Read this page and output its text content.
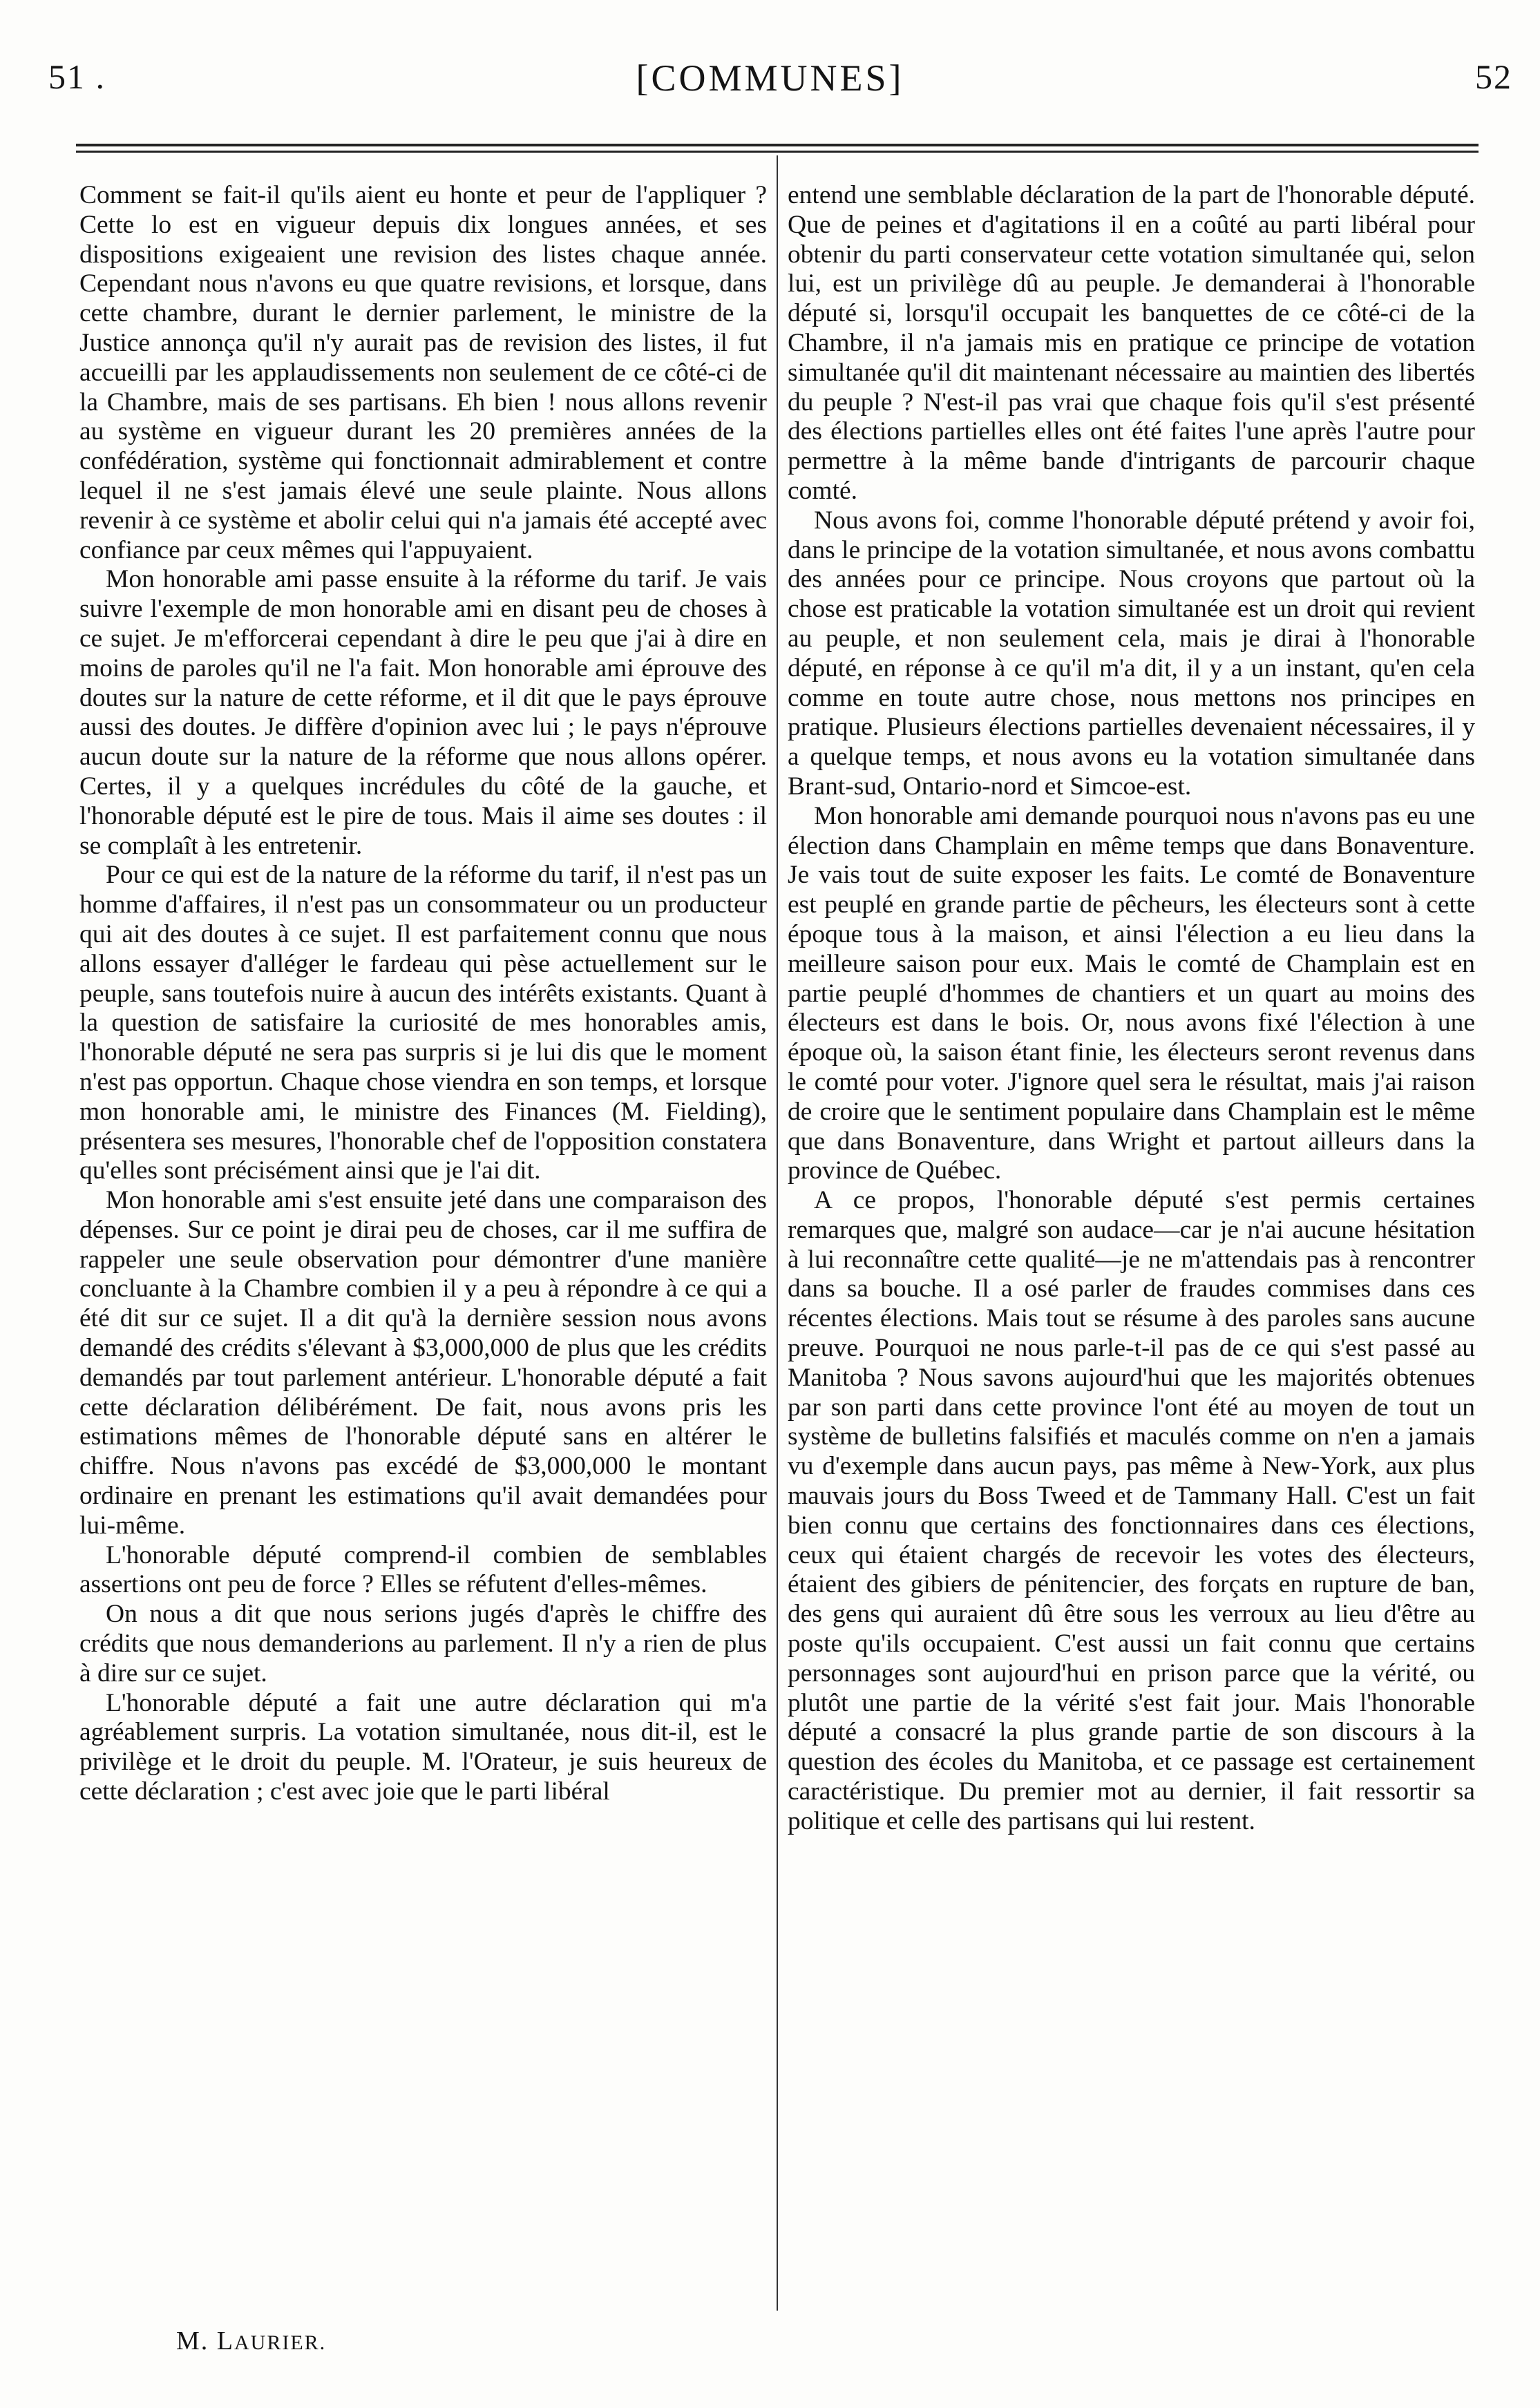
51 .	[COMMUNES]	52

Comment se fait-il qu'ils aient eu honte et peur de l'appliquer ? Cette lo est en vigueur depuis dix longues années, et ses dispositions exigeaient une revision des listes chaque année. Cependant nous n'avons eu que quatre revisions, et lorsque, dans cette chambre, durant le dernier parlement, le ministre de la Justice annonça qu'il n'y aurait pas de revision des listes, il fut accueilli par les applaudissements non seulement de ce côté-ci de la Chambre, mais de ses partisans. Eh bien ! nous allons revenir au système en vigueur durant les 20 premières années de la confédération, système qui fonctionnait admirablement et contre lequel il ne s'est jamais élevé une seule plainte. Nous allons revenir à ce système et abolir celui qui n'a jamais été accepté avec confiance par ceux mêmes qui l'appuyaient.

Mon honorable ami passe ensuite à la réforme du tarif. Je vais suivre l'exemple de mon honorable ami en disant peu de choses à ce sujet. Je m'efforcerai cependant à dire le peu que j'ai à dire en moins de paroles qu'il ne l'a fait. Mon honorable ami éprouve des doutes sur la nature de cette réforme, et il dit que le pays éprouve aussi des doutes. Je diffère d'opinion avec lui ; le pays n'éprouve aucun doute sur la nature de la réforme que nous allons opérer. Certes, il y a quelques incrédules du côté de la gauche, et l'honorable député est le pire de tous. Mais il aime ses doutes : il se complaît à les entretenir.

Pour ce qui est de la nature de la réforme du tarif, il n'est pas un homme d'affaires, il n'est pas un consommateur ou un producteur qui ait des doutes à ce sujet. Il est parfaitement connu que nous allons essayer d'alléger le fardeau qui pèse actuellement sur le peuple, sans toutefois nuire à aucun des intérêts existants. Quant à la question de satisfaire la curiosité de mes honorables amis, l'honorable député ne sera pas surpris si je lui dis que le moment n'est pas opportun. Chaque chose viendra en son temps, et lorsque mon honorable ami, le ministre des Finances (M. Fielding), présentera ses mesures, l'honorable chef de l'opposition constatera qu'elles sont précisément ainsi que je l'ai dit.

Mon honorable ami s'est ensuite jeté dans une comparaison des dépenses. Sur ce point je dirai peu de choses, car il me suffira de rappeler une seule observation pour démontrer d'une manière concluante à la Chambre combien il y a peu à répondre à ce qui a été dit sur ce sujet. Il a dit qu'à la dernière session nous avons demandé des crédits s'élevant à $3,000,000 de plus que les crédits demandés par tout parlement antérieur. L'honorable député a fait cette déclaration délibérément. De fait, nous avons pris les estimations mêmes de l'honorable député sans en altérer le chiffre. Nous n'avons pas excédé de $3,000,000 le montant ordinaire en prenant les estimations qu'il avait demandées pour lui-même.

L'honorable député comprend-il combien de semblables assertions ont peu de force ? Elles se réfutent d'elles-mêmes.

On nous a dit que nous serions jugés d'après le chiffre des crédits que nous demanderions au parlement. Il n'y a rien de plus à dire sur ce sujet.

L'honorable député a fait une autre déclaration qui m'a agréablement surpris. La votation simultanée, nous dit-il, est le privilège et le droit du peuple. M. l'Orateur, je suis heureux de cette déclaration ; c'est avec joie que le parti libéral

entend une semblable déclaration de la part de l'honorable député. Que de peines et d'agitations il en a coûté au parti libéral pour obtenir du parti conservateur cette votation simultanée qui, selon lui, est un privilège dû au peuple. Je demanderai à l'honorable député si, lorsqu'il occupait les banquettes de ce côté-ci de la Chambre, il n'a jamais mis en pratique ce principe de votation simultanée qu'il dit maintenant nécessaire au maintien des libertés du peuple ? N'est-il pas vrai que chaque fois qu'il s'est présenté des élections partielles elles ont été faites l'une après l'autre pour permettre à la même bande d'intrigants de parcourir chaque comté.

Nous avons foi, comme l'honorable député prétend y avoir foi, dans le principe de la votation simultanée, et nous avons combattu des années pour ce principe. Nous croyons que partout où la chose est praticable la votation simultanée est un droit qui revient au peuple, et non seulement cela, mais je dirai à l'honorable député, en réponse à ce qu'il m'a dit, il y a un instant, qu'en cela comme en toute autre chose, nous mettons nos principes en pratique. Plusieurs élections partielles devenaient nécessaires, il y a quelque temps, et nous avons eu la votation simultanée dans Brant-sud, Ontario-nord et Simcoe-est.

Mon honorable ami demande pourquoi nous n'avons pas eu une élection dans Champlain en même temps que dans Bonaventure. Je vais tout de suite exposer les faits. Le comté de Bonaventure est peuplé en grande partie de pêcheurs, les électeurs sont à cette époque tous à la maison, et ainsi l'élection a eu lieu dans la meilleure saison pour eux. Mais le comté de Champlain est en partie peuplé d'hommes de chantiers et un quart au moins des électeurs est dans le bois. Or, nous avons fixé l'élection à une époque où, la saison étant finie, les électeurs seront revenus dans le comté pour voter. J'ignore quel sera le résultat, mais j'ai raison de croire que le sentiment populaire dans Champlain est le même que dans Bonaventure, dans Wright et partout ailleurs dans la province de Québec.

A ce propos, l'honorable député s'est permis certaines remarques que, malgré son audace—car je n'ai aucune hésitation à lui reconnaître cette qualité—je ne m'attendais pas à rencontrer dans sa bouche. Il a osé parler de fraudes commises dans ces récentes élections. Mais tout se résume à des paroles sans aucune preuve. Pourquoi ne nous parle-t-il pas de ce qui s'est passé au Manitoba ? Nous savons aujourd'hui que les majorités obtenues par son parti dans cette province l'ont été au moyen de tout un système de bulletins falsifiés et maculés comme on n'en a jamais vu d'exemple dans aucun pays, pas même à New-York, aux plus mauvais jours du Boss Tweed et de Tammany Hall. C'est un fait bien connu que certains des fonctionnaires dans ces élections, ceux qui étaient chargés de recevoir les votes des électeurs, étaient des gibiers de pénitencier, des forçats en rupture de ban, des gens qui auraient dû être sous les verroux au lieu d'être au poste qu'ils occupaient. C'est aussi un fait connu que certains personnages sont aujourd'hui en prison parce que la vérité, ou plutôt une partie de la vérité s'est fait jour. Mais l'honorable député a consacré la plus grande partie de son discours à la question des écoles du Manitoba, et ce passage est certainement caractéristique. Du premier mot au dernier, il fait ressortir sa politique et celle des partisans qui lui restent.

M. LAURIER.
